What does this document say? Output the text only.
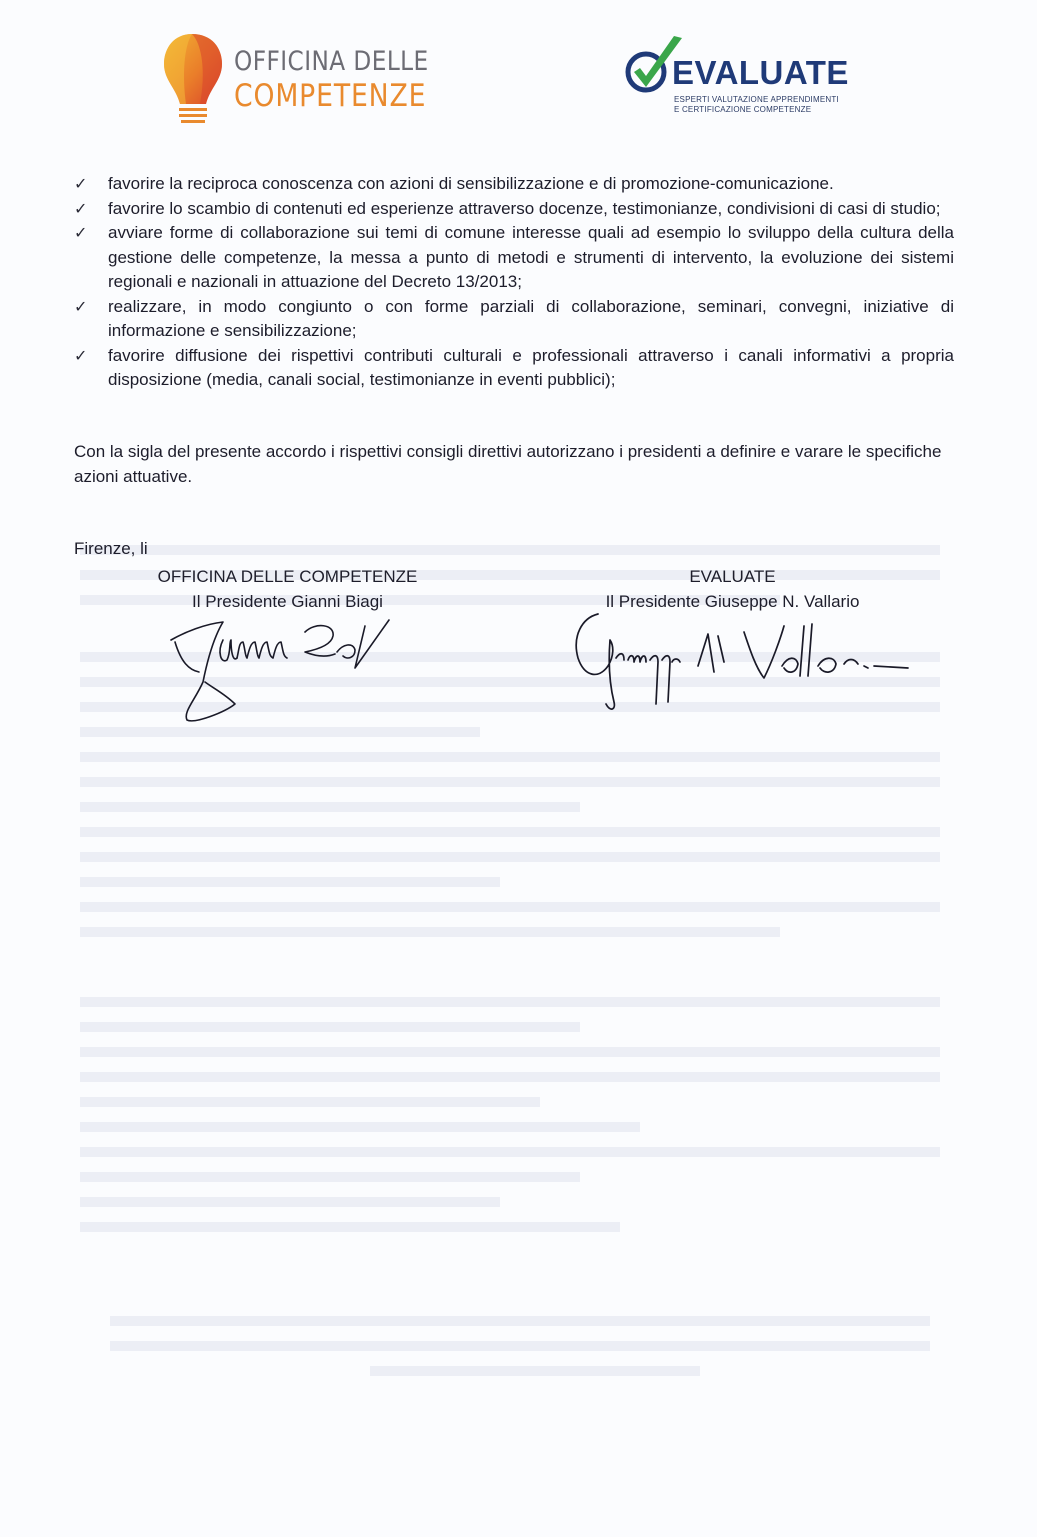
OFFICINA DELLE
COMPETENZE
EVALUATE
ESPERTI VALUTAZIONE APPRENDIMENTI
E CERTIFICAZIONE COMPETENZE
✓ favorire la reciproca conoscenza con azioni di sensibilizzazione e di promozione-comunicazione.
✓ favorire lo scambio di contenuti ed esperienze attraverso docenze, testimonianze, condivisioni di casi di studio;
✓ avviare forme di collaborazione sui temi di comune interesse quali ad esempio lo sviluppo della cultura della gestione delle competenze, la messa a punto di metodi e strumenti di intervento, la evoluzione dei sistemi regionali e nazionali in attuazione del Decreto 13/2013;
✓ realizzare, in modo congiunto o con forme parziali di collaborazione, seminari, convegni, iniziative di informazione e sensibilizzazione;
✓ favorire diffusione dei rispettivi contributi culturali e professionali attraverso i canali informativi a propria disposizione (media, canali social, testimonianze in eventi pubblici);

Con la sigla del presente accordo i rispettivi consigli direttivi autorizzano i presidenti a definire e varare le specifiche azioni attuative.

Firenze, li
OFFICINA DELLE COMPETENZE
Il Presidente Gianni Biagi
EVALUATE
Il Presidente Giuseppe N. Vallario
